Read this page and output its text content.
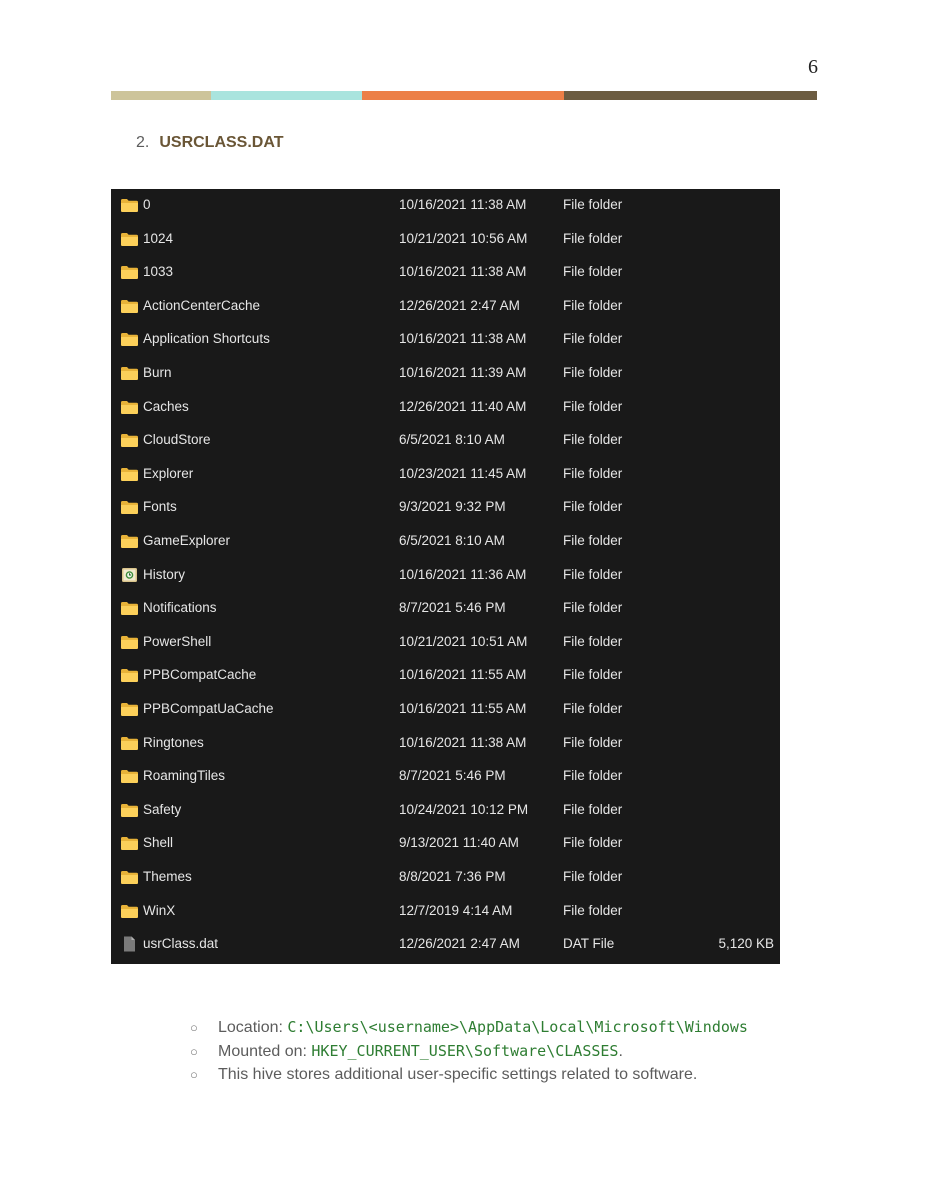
6
2. USRCLASS.DAT
0	10/16/2021 11:38 AM	File folder
1024	10/21/2021 10:56 AM	File folder
1033	10/16/2021 11:38 AM	File folder
ActionCenterCache	12/26/2021 2:47 AM	File folder
Application Shortcuts	10/16/2021 11:38 AM	File folder
Burn	10/16/2021 11:39 AM	File folder
Caches	12/26/2021 11:40 AM	File folder
CloudStore	6/5/2021 8:10 AM	File folder
Explorer	10/23/2021 11:45 AM	File folder
Fonts	9/3/2021 9:32 PM	File folder
GameExplorer	6/5/2021 8:10 AM	File folder
History	10/16/2021 11:36 AM	File folder
Notifications	8/7/2021 5:46 PM	File folder
PowerShell	10/21/2021 10:51 AM	File folder
PPBCompatCache	10/16/2021 11:55 AM	File folder
PPBCompatUaCache	10/16/2021 11:55 AM	File folder
Ringtones	10/16/2021 11:38 AM	File folder
RoamingTiles	8/7/2021 5:46 PM	File folder
Safety	10/24/2021 10:12 PM	File folder
Shell	9/13/2021 11:40 AM	File folder
Themes	8/8/2021 7:36 PM	File folder
WinX	12/7/2019 4:14 AM	File folder
usrClass.dat	12/26/2021 2:47 AM	DAT File	5,120 KB
○ Location: C:\Users\<username>\AppData\Local\Microsoft\Windows
○ Mounted on: HKEY_CURRENT_USER\Software\CLASSES.
○ This hive stores additional user-specific settings related to software.
